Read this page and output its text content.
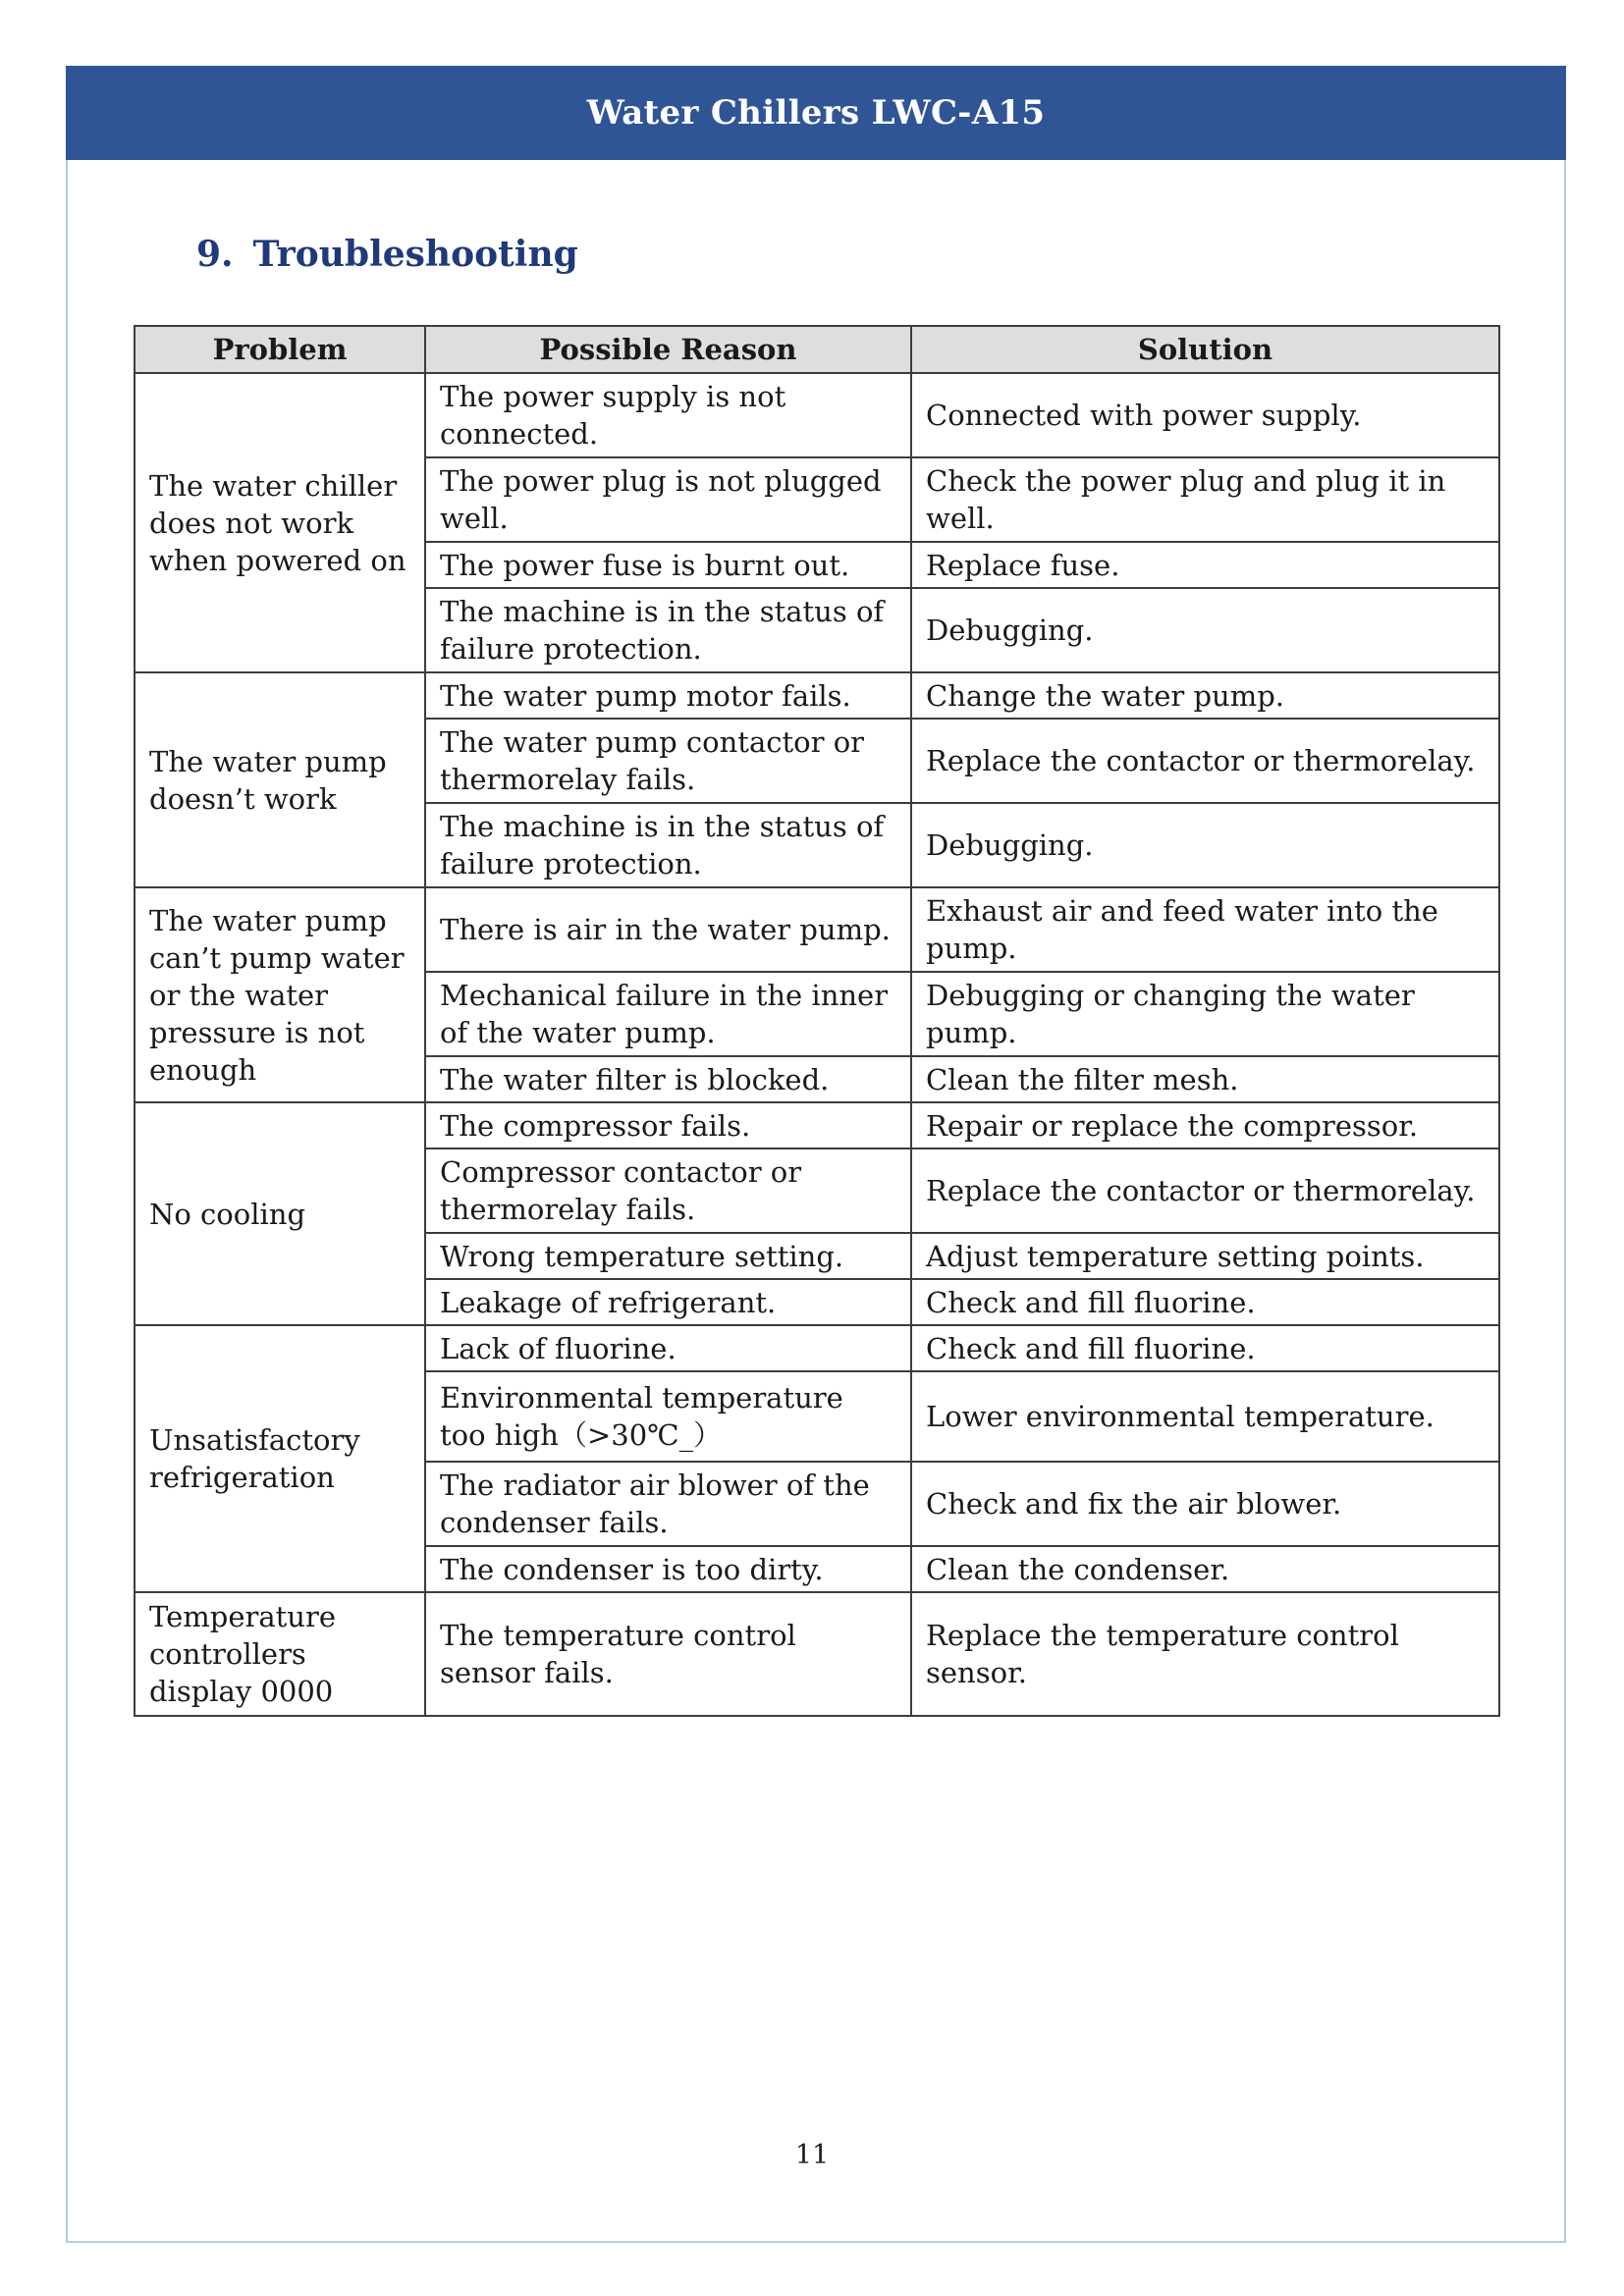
Water Chillers LWC-A15
9. Troubleshooting
Problem	Possible Reason	Solution
The water chiller does not work when powered on	The power supply is not connected.	Connected with power supply.
	The power plug is not plugged well.	Check the power plug and plug it in well.
	The power fuse is burnt out.	Replace fuse.
	The machine is in the status of failure protection.	Debugging.
The water pump doesn’t work	The water pump motor fails.	Change the water pump.
	The water pump contactor or thermorelay fails.	Replace the contactor or thermorelay.
	The machine is in the status of failure protection.	Debugging.
The water pump can’t pump water or the water pressure is not enough	There is air in the water pump.	Exhaust air and feed water into the pump.
	Mechanical failure in the inner of the water pump.	Debugging or changing the water pump.
	The water filter is blocked.	Clean the filter mesh.
No cooling	The compressor fails.	Repair or replace the compressor.
	Compressor contactor or thermorelay fails.	Replace the contactor or thermorelay.
	Wrong temperature setting.	Adjust temperature setting points.
	Leakage of refrigerant.	Check and fill fluorine.
Unsatisfactory refrigeration	Lack of fluorine.	Check and fill fluorine.
	Environmental temperature too high（>30℃_）	Lower environmental temperature.
	The radiator air blower of the condenser fails.	Check and fix the air blower.
	The condenser is too dirty.	Clean the condenser.
Temperature controllers display 0000	The temperature control sensor fails.	Replace the temperature control sensor.
11
